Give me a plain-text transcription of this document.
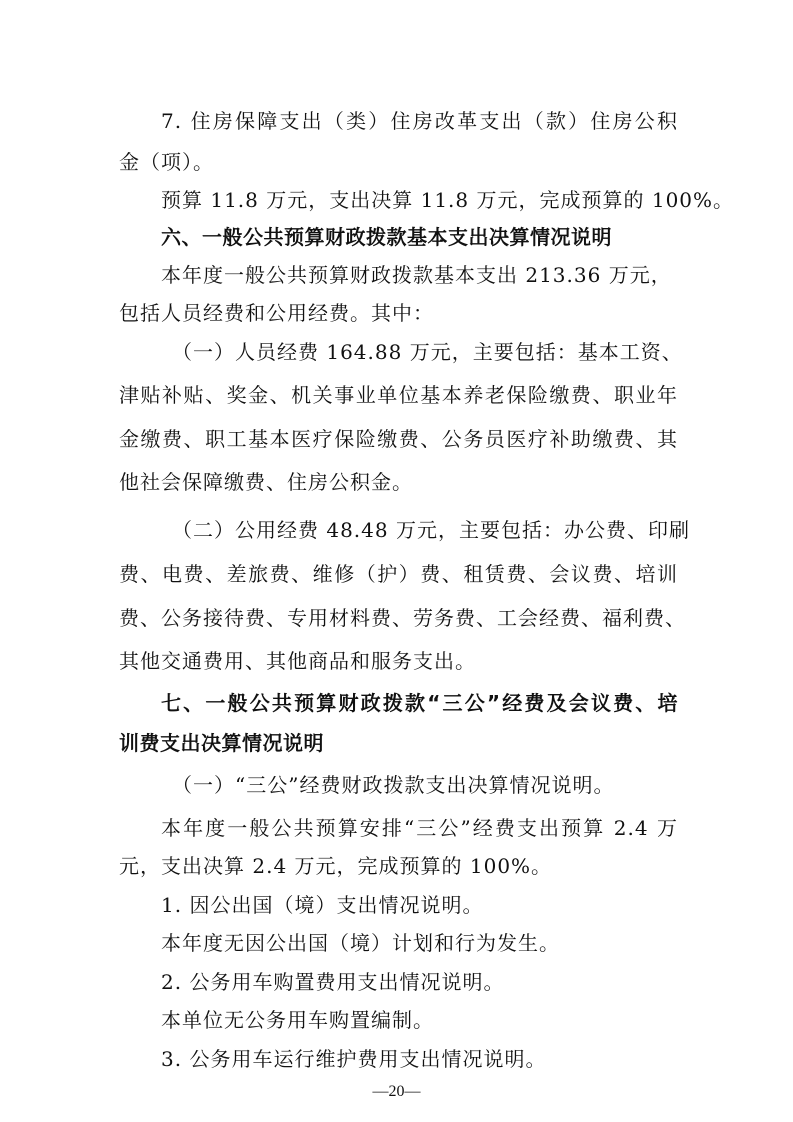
7. 住房保障支出（类）住房改革支出（款）住房公积
金（项）。
预算 11.8 万元，支出决算 11.8 万元，完成预算的 100%。
六、一般公共预算财政拨款基本支出决算情况说明
本年度一般公共预算财政拨款基本支出 213.36 万元，
包括人员经费和公用经费。其中：
（一）人员经费 164.88 万元，主要包括：基本工资、
津贴补贴、奖金、机关事业单位基本养老保险缴费、职业年
金缴费、职工基本医疗保险缴费、公务员医疗补助缴费、其
他社会保障缴费、住房公积金。
（二）公用经费 48.48 万元，主要包括：办公费、印刷
费、电费、差旅费、维修（护）费、租赁费、会议费、培训
费、公务接待费、专用材料费、劳务费、工会经费、福利费、
其他交通费用、其他商品和服务支出。
七、一般公共预算财政拨款“三公”经费及会议费、培
训费支出决算情况说明
（一）“三公”经费财政拨款支出决算情况说明。
本年度一般公共预算安排“三公”经费支出预算 2.4 万
元，支出决算 2.4 万元，完成预算的 100%。
1. 因公出国（境）支出情况说明。
本年度无因公出国（境）计划和行为发生。
2. 公务用车购置费用支出情况说明。
本单位无公务用车购置编制。
3. 公务用车运行维护费用支出情况说明。
—20—
